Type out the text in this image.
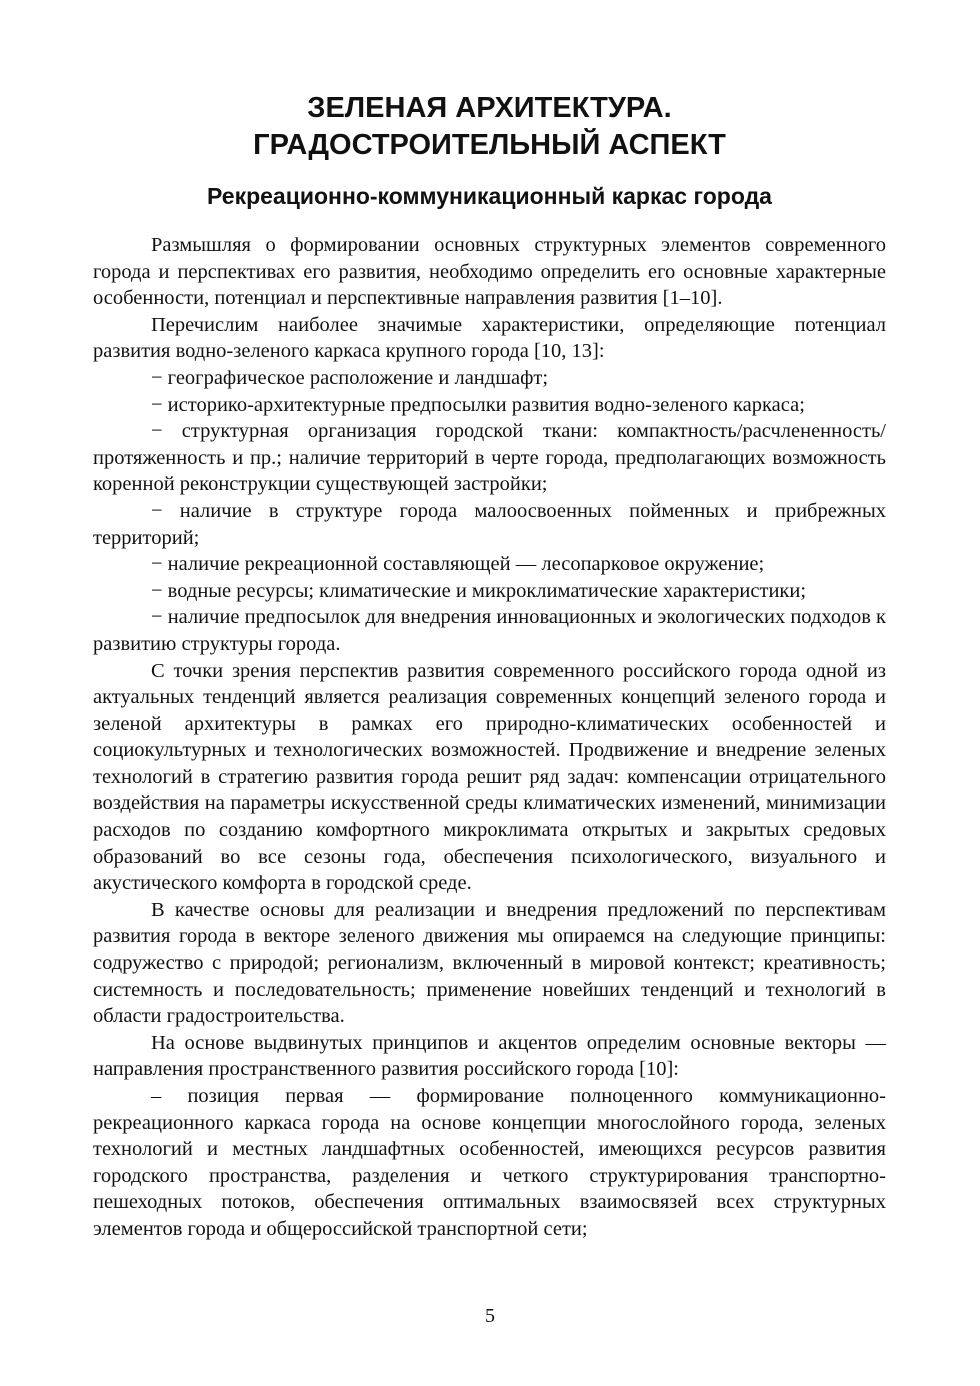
ЗЕЛЕНАЯ АРХИТЕКТУРА.
ГРАДОСТРОИТЕЛЬНЫЙ АСПЕКТ
Рекреационно-коммуникационный каркас города

Размышляя о формировании основных структурных элементов современного города и перспективах его развития, необходимо определить его основные характерные особенности, потенциал и перспективные направления развития [1–10].

Перечислим наиболее значимые характеристики, определяющие потенциал развития водно-зеленого каркаса крупного города [10, 13]:

− географическое расположение и ландшафт;

− историко-архитектурные предпосылки развития водно-зеленого каркаса;

− структурная организация городской ткани: компактность/расчлененность/протяженность и пр.; наличие территорий в черте города, предполагающих возможность коренной реконструкции существующей застройки;

− наличие в структуре города малоосвоенных пойменных и прибрежных территорий;

− наличие рекреационной составляющей — лесопарковое окружение;

− водные ресурсы; климатические и микроклиматические характеристики;

− наличие предпосылок для внедрения инновационных и экологических подходов к развитию структуры города.

С точки зрения перспектив развития современного российского города одной из актуальных тенденций является реализация современных концепций зеленого города и зеленой архитектуры в рамках его природно-климатических особенностей и социокультурных и технологических возможностей. Продвижение и внедрение зеленых технологий в стратегию развития города решит ряд задач: компенсации отрицательного воздействия на параметры искусственной среды климатических изменений, минимизации расходов по созданию комфортного микроклимата открытых и закрытых средовых образований во все сезоны года, обеспечения психологического, визуального и акустического комфорта в городской среде.

В качестве основы для реализации и внедрения предложений по перспективам развития города в векторе зеленого движения мы опираемся на следующие принципы: содружество с природой; регионализм, включенный в мировой контекст; креативность; системность и последовательность; применение новейших тенденций и технологий в области градостроительства.

На основе выдвинутых принципов и акцентов определим основные векторы — направления пространственного развития российского города [10]:

– позиция первая — формирование полноценного коммуникационно-рекреационного каркаса города на основе концепции многослойного города, зеленых технологий и местных ландшафтных особенностей, имеющихся ресурсов развития городского пространства, разделения и четкого структурирования транспортно-пешеходных потоков, обеспечения оптимальных взаимосвязей всех структурных элементов города и общероссийской транспортной сети;

5
